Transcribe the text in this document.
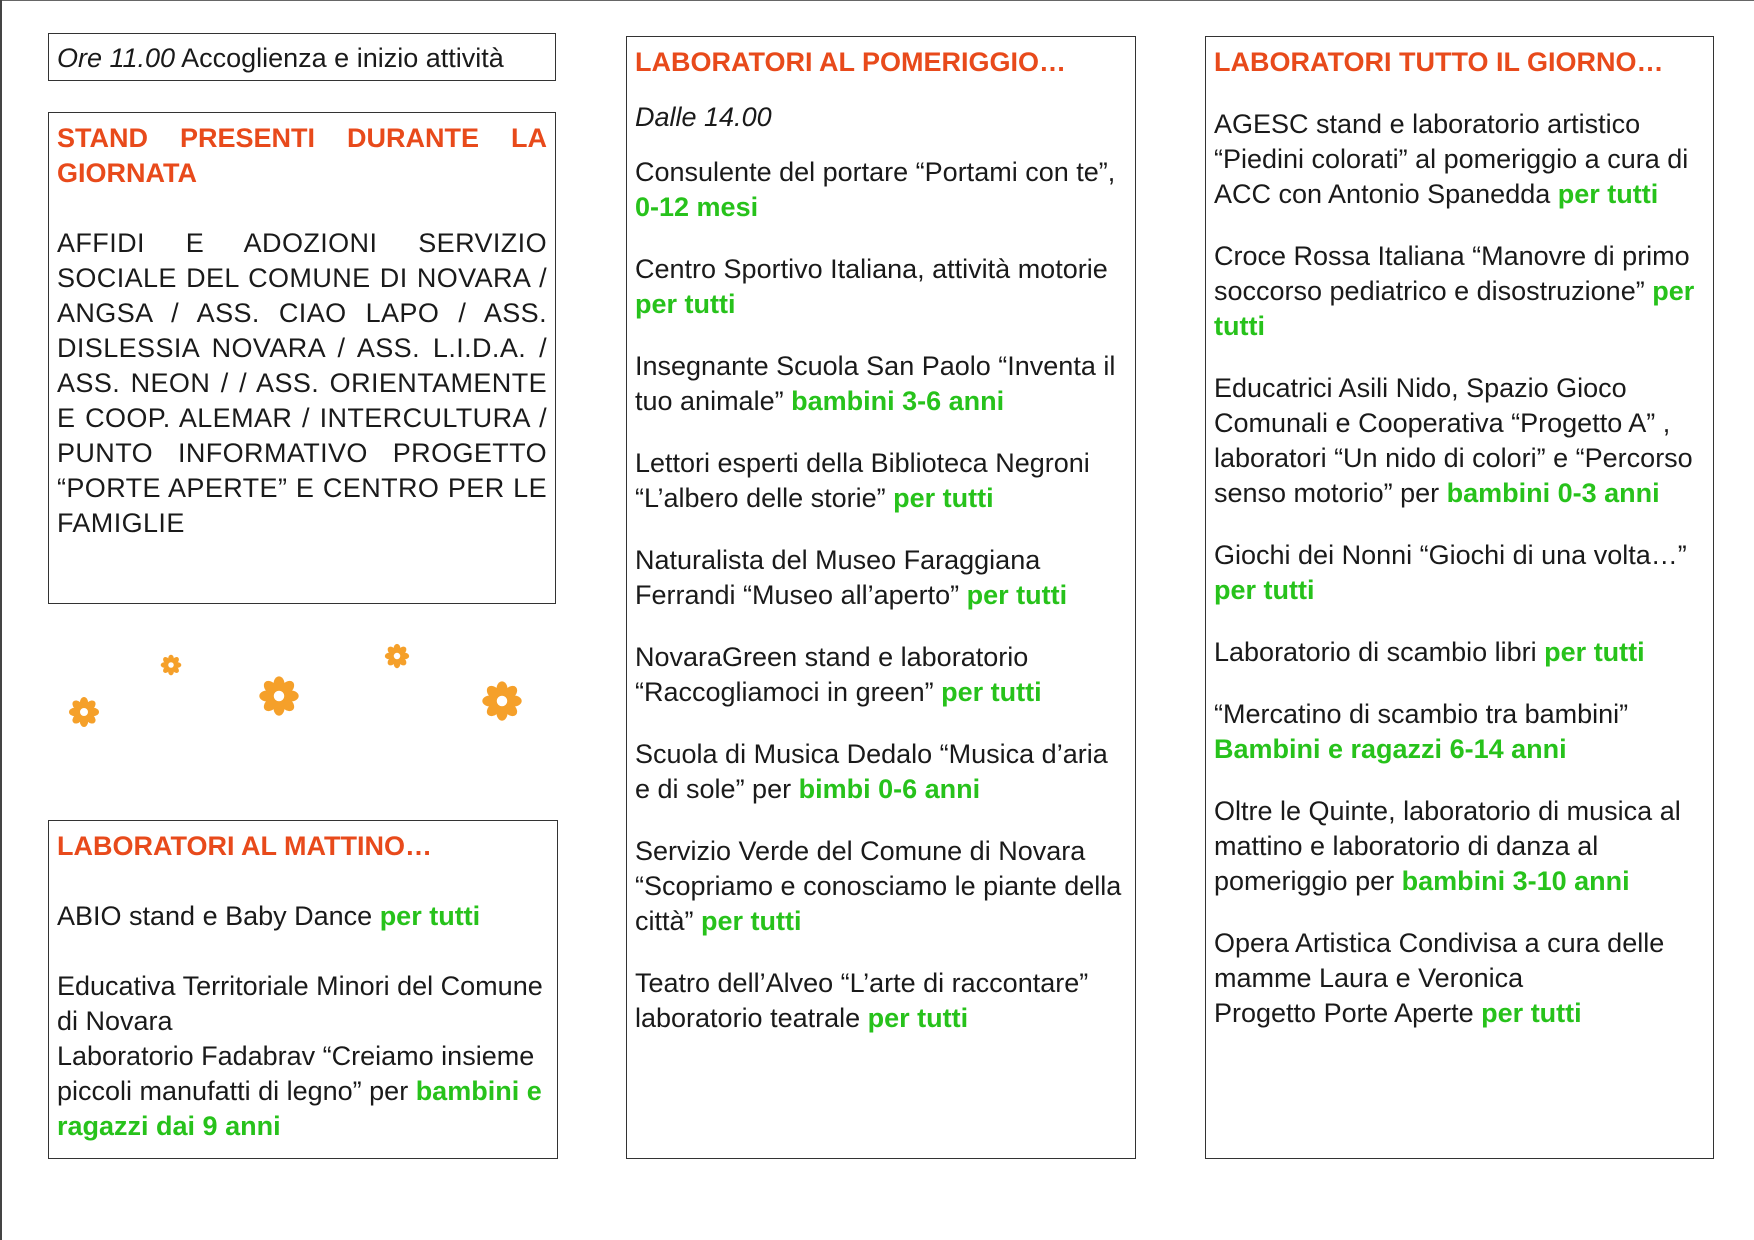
Ore 11.00 Accoglienza e inizio attività
STAND PRESENTI DURANTE LA GIORNATA
AFFIDI E ADOZIONI SERVIZIO SOCIALE DEL COMUNE DI NOVARA / ANGSA / ASS. CIAO LAPO / ASS. DISLESSIA NOVARA / ASS. L.I.D.A. / ASS. NEON / / ASS. ORIENTAMENTE E COOP. ALEMAR / INTERCULTURA / PUNTO INFORMATIVO PROGETTO “PORTE APERTE” E CENTRO PER LE FAMIGLIE
LABORATORI AL MATTINO…
ABIO stand e Baby Dance per tutti
Educativa Territoriale Minori del Comune di Novara
Laboratorio Fadabrav “Creiamo insieme piccoli manufatti di legno” per bambini e ragazzi dai 9 anni
LABORATORI AL POMERIGGIO…
Dalle 14.00
Consulente del portare “Portami con te”, 0-12 mesi
Centro Sportivo Italiana, attività motorie per tutti
Insegnante Scuola San Paolo “Inventa il tuo animale” bambini 3-6 anni
Lettori esperti della Biblioteca Negroni “L’albero delle storie” per tutti
Naturalista del Museo Faraggiana Ferrandi “Museo all’aperto” per tutti
NovaraGreen stand e laboratorio “Raccogliamoci in green” per tutti
Scuola di Musica Dedalo “Musica d’aria e di sole” per bimbi 0-6 anni
Servizio Verde del Comune di Novara “Scopriamo e conosciamo le piante della città” per tutti
Teatro dell’Alveo “L’arte di raccontare” laboratorio teatrale per tutti
LABORATORI TUTTO IL GIORNO…
AGESC stand e laboratorio artistico “Piedini colorati” al pomeriggio a cura di ACC con Antonio Spanedda per tutti
Croce Rossa Italiana “Manovre di primo soccorso pediatrico e disostruzione” per tutti
Educatrici Asili Nido, Spazio Gioco Comunali e Cooperativa “Progetto A” , laboratori “Un nido di colori” e “Percorso senso motorio” per bambini 0-3 anni
Giochi dei Nonni “Giochi di una volta…” per tutti
Laboratorio di scambio libri per tutti
“Mercatino di scambio tra bambini”
Bambini e ragazzi 6-14 anni
Oltre le Quinte, laboratorio di musica al mattino e laboratorio di danza al pomeriggio per bambini 3-10 anni
Opera Artistica Condivisa a cura delle mamme Laura e Veronica
Progetto Porte Aperte per tutti
